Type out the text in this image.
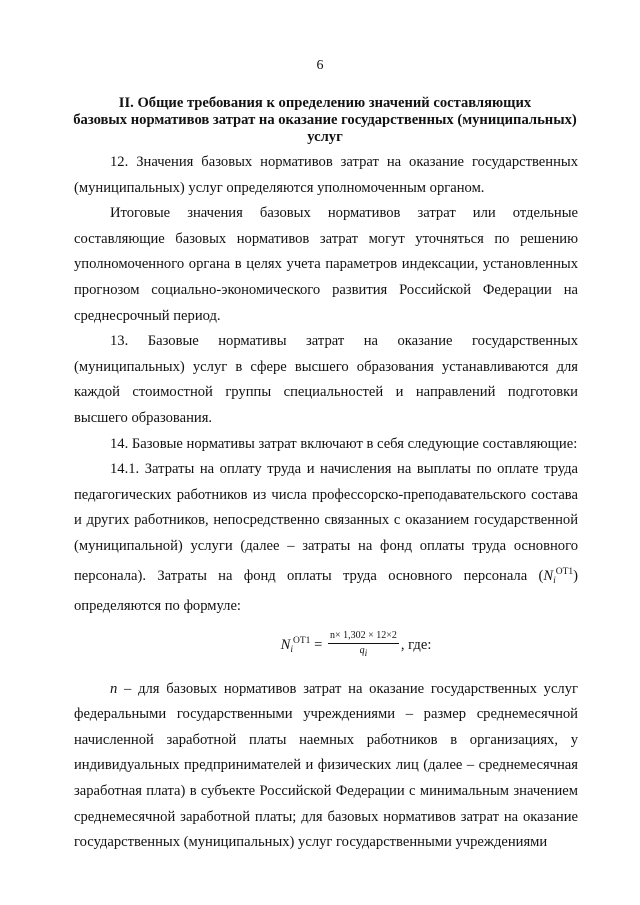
6
II. Общие требования к определению значений составляющих
базовых нормативов затрат на оказание государственных (муниципальных)
услуг

12. Значения базовых нормативов затрат на оказание государственных (муниципальных) услуг определяются уполномоченным органом.

Итоговые значения базовых нормативов затрат или отдельные составляющие базовых нормативов затрат могут уточняться по решению уполномоченного органа в целях учета параметров индексации, установленных прогнозом социально-экономического развития Российской Федерации на среднесрочный период.

13. Базовые нормативы затрат на оказание государственных (муниципальных) услуг в сфере высшего образования устанавливаются для каждой стоимостной группы специальностей и направлений подготовки высшего образования.

14. Базовые нормативы затрат включают в себя следующие составляющие:

14.1. Затраты на оплату труда и начисления на выплаты по оплате труда педагогических работников из числа профессорско-преподавательского состава и других работников, непосредственно связанных с оказанием государственной (муниципальной) услуги (далее – затраты на фонд оплаты труда основного персонала). Затраты на фонд оплаты труда основного персонала $(N_i^{ОТ1})$ определяются по формуле:

$N_i^{ОТ1} = \frac{n\times 1,302 \times 12\times 2}{qi}$ , где:

n – для базовых нормативов затрат на оказание государственных услуг федеральными государственными учреждениями – размер среднемесячной начисленной заработной платы наемных работников в организациях, у индивидуальных предпринимателей и физических лиц (далее – среднемесячная заработная плата) в субъекте Российской Федерации с минимальным значением среднемесячной заработной платы; для базовых нормативов затрат на оказание государственных (муниципальных) услуг государственными учреждениями
